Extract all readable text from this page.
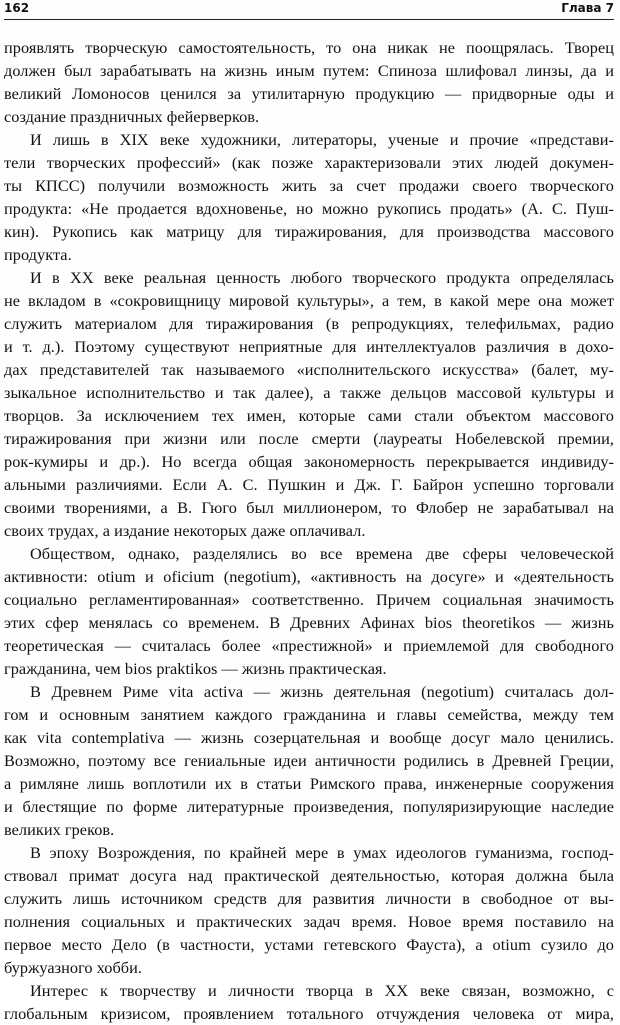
162	Глава 7
проявлять творческую самостоятельность, то она никак не поощрялась. Творец
должен был зарабатывать на жизнь иным путем: Спиноза шлифовал линзы, да и
великий Ломоносов ценился за утилитарную продукцию — придворные оды и
создание праздничных фейерверков.
И лишь в XIX веке художники, литераторы, ученые и прочие «представи-
тели творческих профессий» (как позже характеризовали этих людей докумен-
ты КПСС) получили возможность жить за счет продажи своего творческого
продукта: «Не продается вдохновенье, но можно рукопись продать» (А. С. Пуш-
кин). Рукопись как матрицу для тиражирования, для производства массового
продукта.
И в XX веке реальная ценность любого творческого продукта определялась
не вкладом в «сокровищницу мировой культуры», а тем, в какой мере она может
служить материалом для тиражирования (в репродукциях, телефильмах, радио
и т. д.). Поэтому существуют неприятные для интеллектуалов различия в дохо-
дах представителей так называемого «исполнительского искусства» (балет, му-
зыкальное исполнительство и так далее), а также дельцов массовой культуры и
творцов. За исключением тех имен, которые сами стали объектом массового
тиражирования при жизни или после смерти (лауреаты Нобелевской премии,
рок-кумиры и др.). Но всегда общая закономерность перекрывается индивиду-
альными различиями. Если А. С. Пушкин и Дж. Г. Байрон успешно торговали
своими творениями, а В. Гюго был миллионером, то Флобер не зарабатывал на
своих трудах, а издание некоторых даже оплачивал.
Обществом, однако, разделялись во все времена две сферы человеческой
активности: otium и oficium (negotium), «активность на досуге» и «деятельность
социально регламентированная» соответственно. Причем социальная значимость
этих сфер менялась со временем. В Древних Афинах bios theoretikos — жизнь
теоретическая — считалась более «престижной» и приемлемой для свободного
гражданина, чем bios praktikos — жизнь практическая.
В Древнем Риме vita activa — жизнь деятельная (negotium) считалась дол-
гом и основным занятием каждого гражданина и главы семейства, между тем
как vita contemplativa — жизнь созерцательная и вообще досуг мало ценились.
Возможно, поэтому все гениальные идеи античности родились в Древней Греции,
а римляне лишь воплотили их в статьи Римского права, инженерные сооружения
и блестящие по форме литературные произведения, популяризирующие наследие
великих греков.
В эпоху Возрождения, по крайней мере в умах идеологов гуманизма, господ-
ствовал примат досуга над практической деятельностью, которая должна была
служить лишь источником средств для развития личности в свободное от вы-
полнения социальных и практических задач время. Новое время поставило на
первое место Дело (в частности, устами гетевского Фауста), а otium сузило до
буржуазного хобби.
Интерес к творчеству и личности творца в XX веке связан, возможно, с
глобальным кризисом, проявлением тотального отчуждения человека от мира,
